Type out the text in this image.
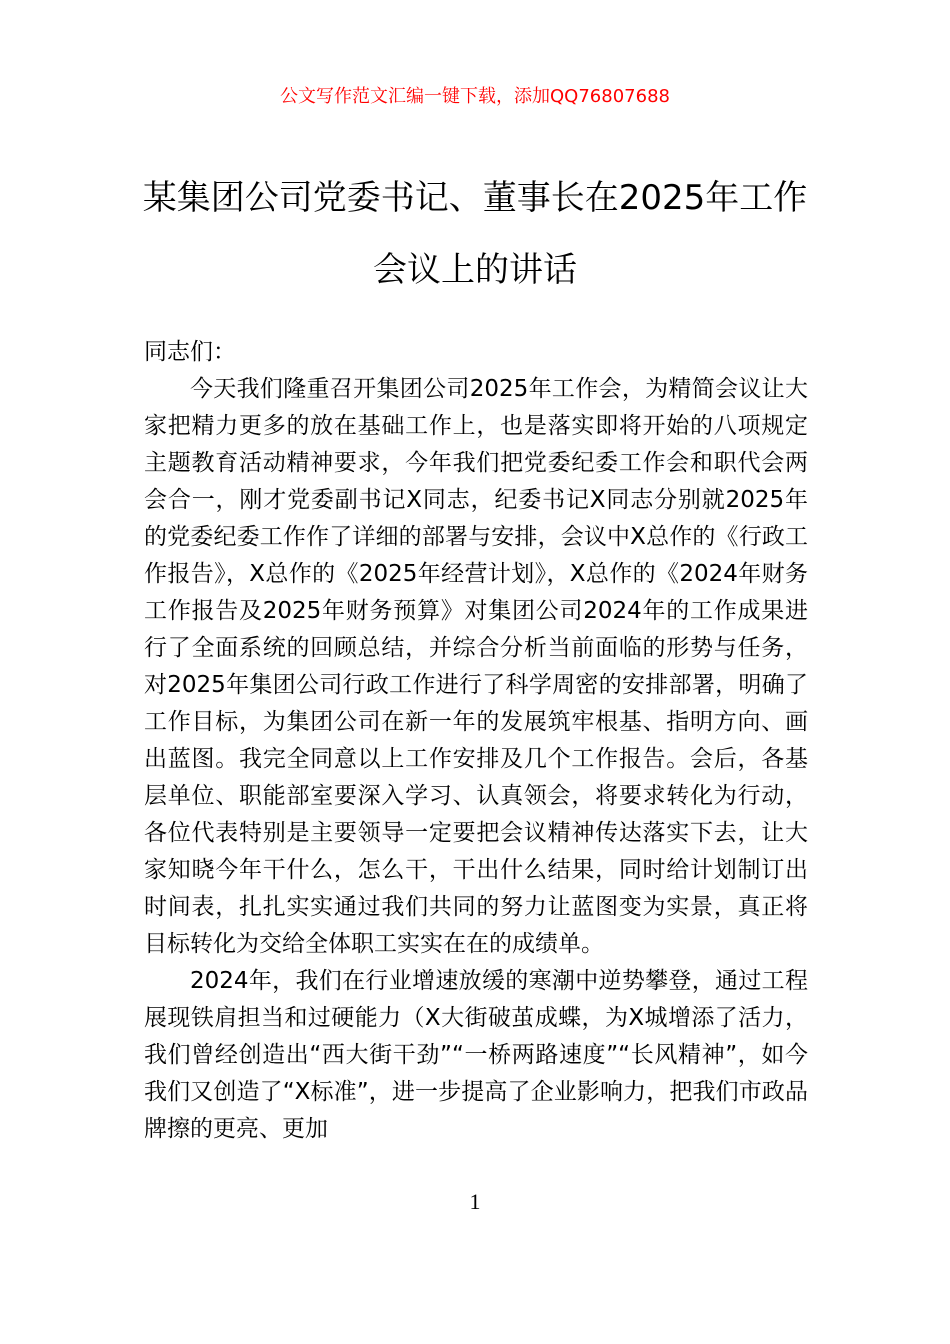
公文写作范文汇编一键下载，添加QQ76807688
某集团公司党委书记、董事长在2025年工作会议上的讲话

同志们：

今天我们隆重召开集团公司2025年工作会，为精简会议让大家把精力更多的放在基础工作上，也是落实即将开始的八项规定主题教育活动精神要求，今年我们把党委纪委工作会和职代会两会合一，刚才党委副书记X同志，纪委书记X同志分别就2025年的党委纪委工作作了详细的部署与安排，会议中X总作的《行政工作报告》，X总作的《2025年经营计划》，X总作的《2024年财务工作报告及2025年财务预算》对集团公司2024年的工作成果进行了全面系统的回顾总结，并综合分析当前面临的形势与任务，对2025年集团公司行政工作进行了科学周密的安排部署，明确了工作目标，为集团公司在新一年的发展筑牢根基、指明方向、画出蓝图。我完全同意以上工作安排及几个工作报告。会后，各基层单位、职能部室要深入学习、认真领会，将要求转化为行动，各位代表特别是主要领导一定要把会议精神传达落实下去，让大家知晓今年干什么，怎么干，干出什么结果，同时给计划制订出时间表，扎扎实实通过我们共同的努力让蓝图变为实景，真正将目标转化为交给全体职工实实在在的成绩单。

2024年，我们在行业增速放缓的寒潮中逆势攀登，通过工程展现铁肩担当和过硬能力（X大街破茧成蝶，为X城增添了活力，我们曾经创造出“西大街干劲”“一桥两路速度”“长风精神”，如今我们又创造了“X标准”，进一步提高了企业影响力，把我们市政品牌擦的更亮、更加

1
